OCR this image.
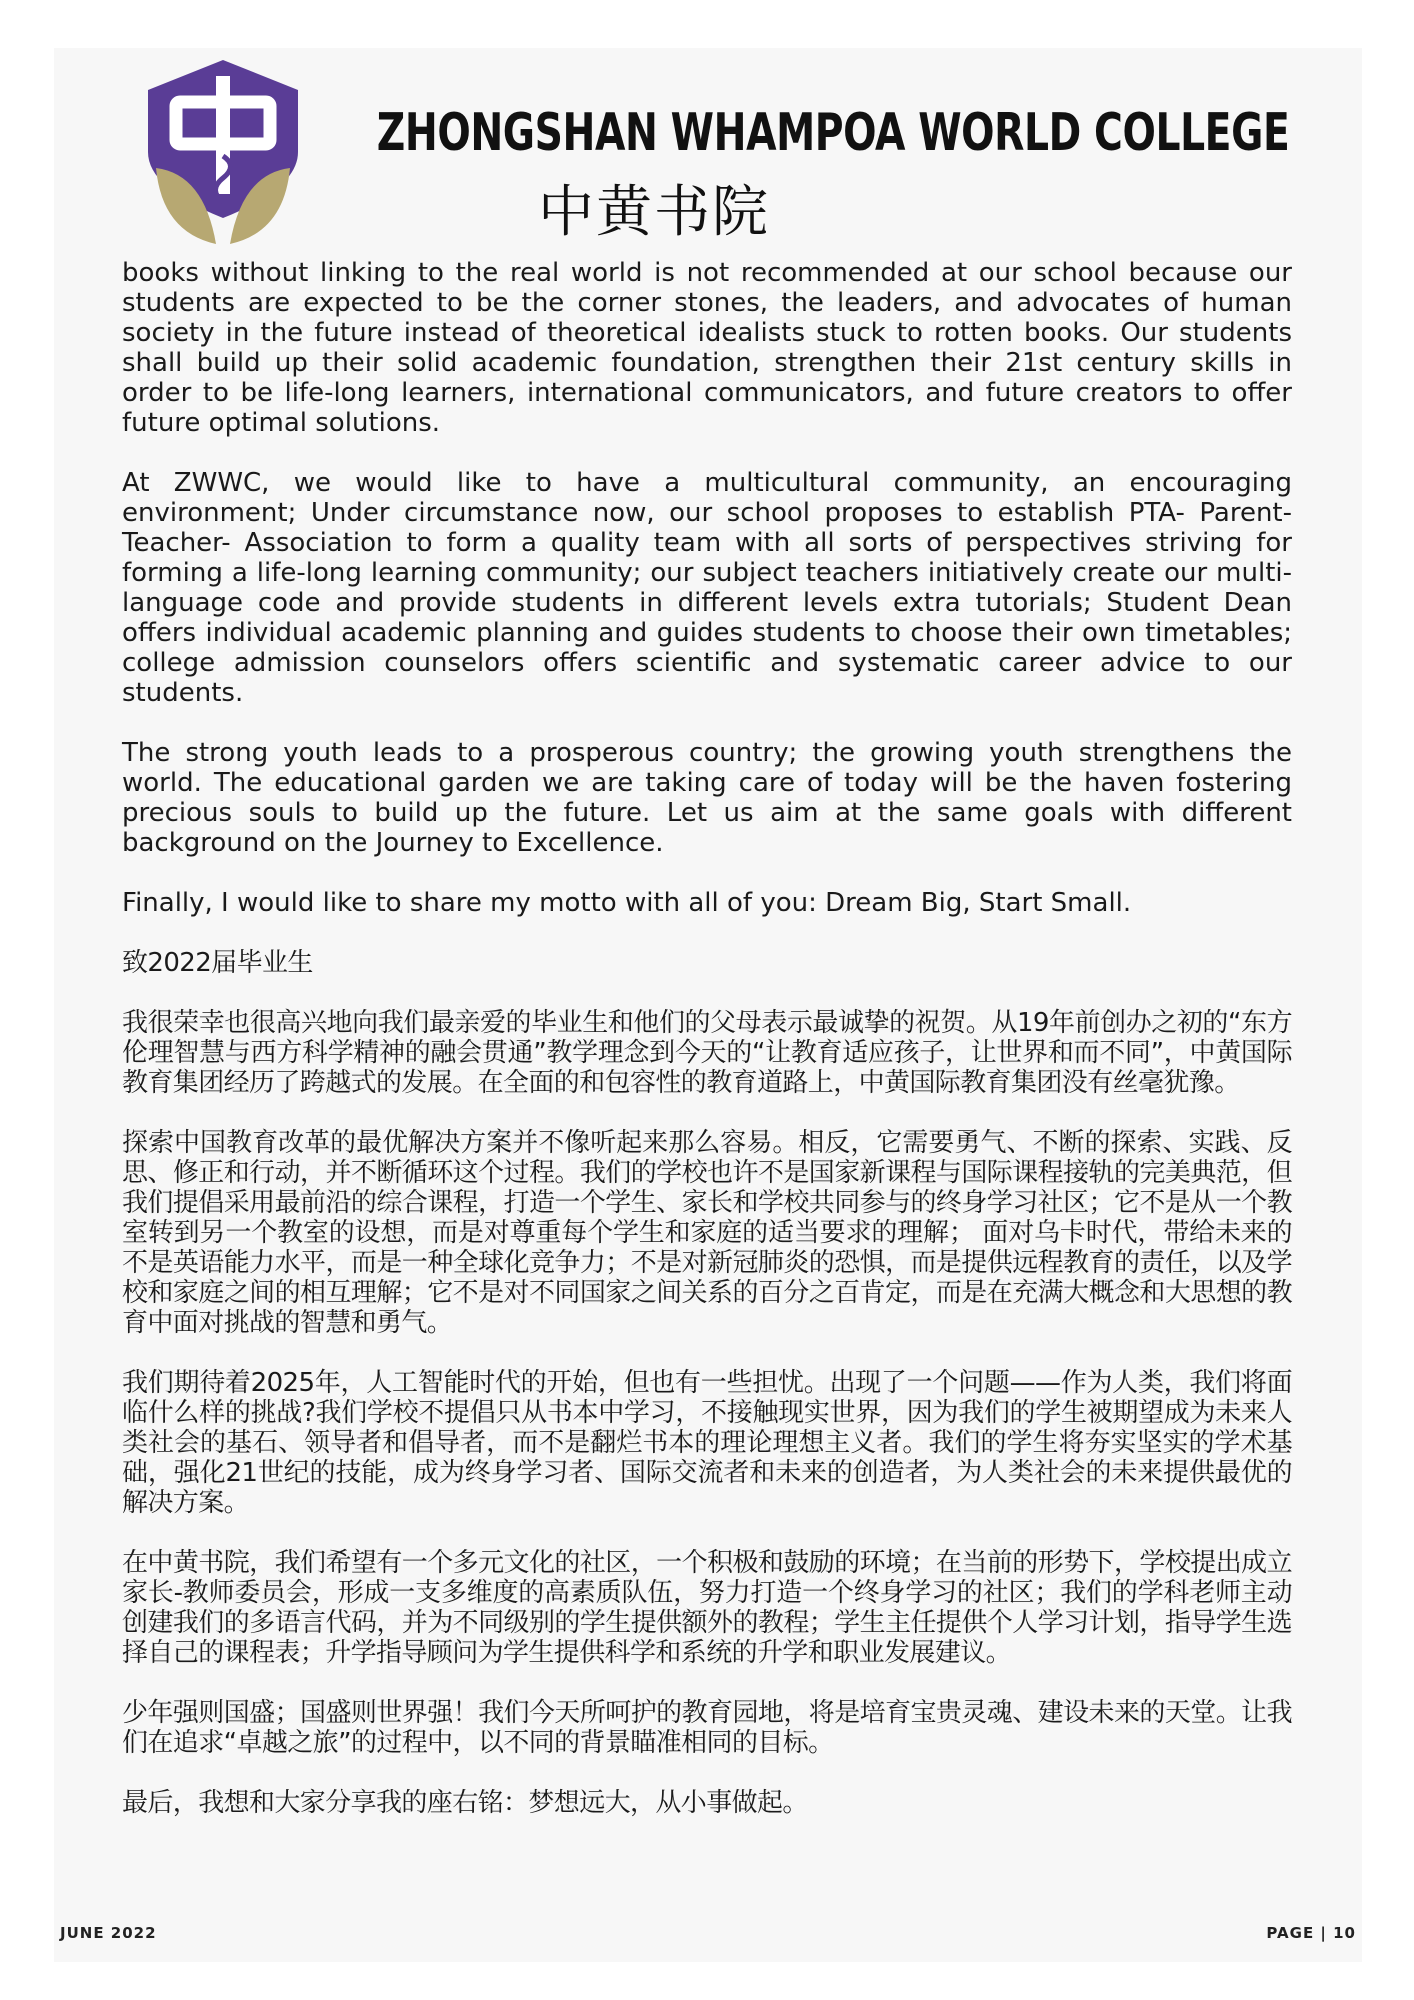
ZHONGSHAN WHAMPOA WORLD COLLEGE
中黄书院

books without linking to the real world is not recommended at our school because our students are expected to be the corner stones, the leaders, and advocates of human society in the future instead of theoretical idealists stuck to rotten books. Our students shall build up their solid academic foundation, strengthen their 21st century skills in order to be life-long learners, international communicators, and future creators to offer future optimal solutions.

At ZWWC, we would like to have a multicultural community, an encouraging environment; Under circumstance now, our school proposes to establish PTA- Parent- Teacher- Association to form a quality team with all sorts of perspectives striving for forming a life-long learning community; our subject teachers initiatively create our multi-language code and provide students in different levels extra tutorials; Student Dean offers individual academic planning and guides students to choose their own timetables; college admission counselors offers scientific and systematic career advice to our students.

The strong youth leads to a prosperous country; the growing youth strengthens the world. The educational garden we are taking care of today will be the haven fostering precious souls to build up the future. Let us aim at the same goals with different background on the Journey to Excellence.

Finally, I would like to share my motto with all of you: Dream Big, Start Small.

致2022届毕业生

我很荣幸也很高兴地向我们最亲爱的毕业生和他们的父母表示最诚挚的祝贺。从19年前创办之初的“东方伦理智慧与西方科学精神的融会贯通”教学理念到今天的“让教育适应孩子，让世界和而不同”，中黄国际教育集团经历了跨越式的发展。在全面的和包容性的教育道路上，中黄国际教育集团没有丝毫犹豫。

探索中国教育改革的最优解决方案并不像听起来那么容易。相反，它需要勇气、不断的探索、实践、反思、修正和行动，并不断循环这个过程。我们的学校也许不是国家新课程与国际课程接轨的完美典范，但我们提倡采用最前沿的综合课程，打造一个学生、家长和学校共同参与的终身学习社区；它不是从一个教室转到另一个教室的设想，而是对尊重每个学生和家庭的适当要求的理解； 面对乌卡时代，带给未来的不是英语能力水平，而是一种全球化竞争力；不是对新冠肺炎的恐惧，而是提供远程教育的责任，以及学校和家庭之间的相互理解；它不是对不同国家之间关系的百分之百肯定，而是在充满大概念和大思想的教育中面对挑战的智慧和勇气。

我们期待着2025年，人工智能时代的开始，但也有一些担忧。出现了一个问题——作为人类，我们将面临什么样的挑战?我们学校不提倡只从书本中学习，不接触现实世界，因为我们的学生被期望成为未来人类社会的基石、领导者和倡导者，而不是翻烂书本的理论理想主义者。我们的学生将夯实坚实的学术基础，强化21世纪的技能，成为终身学习者、国际交流者和未来的创造者，为人类社会的未来提供最优的解决方案。

在中黄书院，我们希望有一个多元文化的社区，一个积极和鼓励的环境；在当前的形势下，学校提出成立家长-教师委员会，形成一支多维度的高素质队伍，努力打造一个终身学习的社区；我们的学科老师主动创建我们的多语言代码，并为不同级别的学生提供额外的教程；学生主任提供个人学习计划，指导学生选择自己的课程表；升学指导顾问为学生提供科学和系统的升学和职业发展建议。

少年强则国盛；国盛则世界强！我们今天所呵护的教育园地，将是培育宝贵灵魂、建设未来的天堂。让我们在追求“卓越之旅”的过程中，以不同的背景瞄准相同的目标。

最后，我想和大家分享我的座右铭：梦想远大，从小事做起。

JUNE 2022	PAGE | 10
